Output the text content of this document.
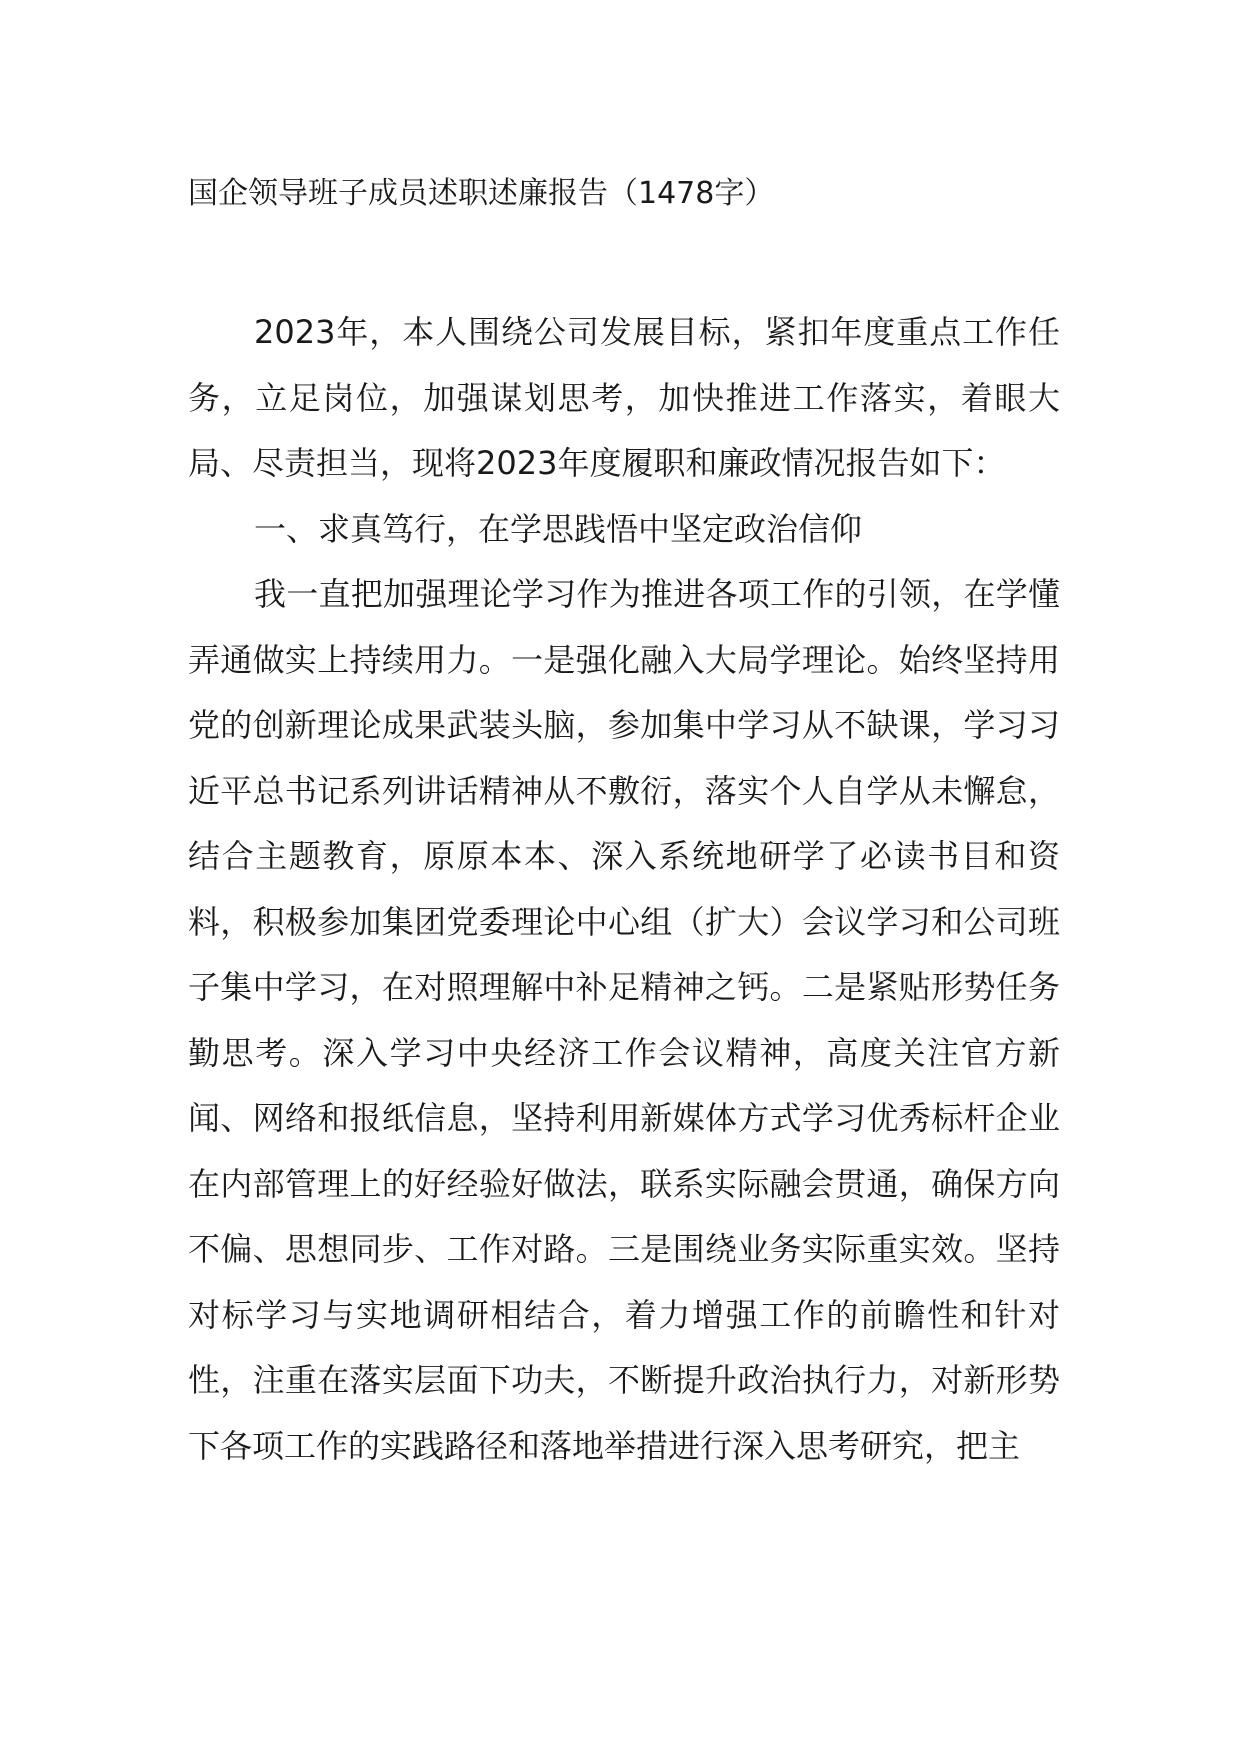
国企领导班子成员述职述廉报告（1478字）

2023年，本人围绕公司发展目标，紧扣年度重点工作任务，立足岗位，加强谋划思考，加快推进工作落实，着眼大局、尽责担当，现将2023年度履职和廉政情况报告如下：

一、求真笃行，在学思践悟中坚定政治信仰

我一直把加强理论学习作为推进各项工作的引领，在学懂弄通做实上持续用力。一是强化融入大局学理论。始终坚持用党的创新理论成果武装头脑，参加集中学习从不缺课，学习习近平总书记系列讲话精神从不敷衍，落实个人自学从未懈怠，结合主题教育，原原本本、深入系统地研学了必读书目和资料，积极参加集团党委理论中心组（扩大）会议学习和公司班子集中学习，在对照理解中补足精神之钙。二是紧贴形势任务勤思考。深入学习中央经济工作会议精神，高度关注官方新闻、网络和报纸信息，坚持利用新媒体方式学习优秀标杆企业在内部管理上的好经验好做法，联系实际融会贯通，确保方向不偏、思想同步、工作对路。三是围绕业务实际重实效。坚持对标学习与实地调研相结合，着力增强工作的前瞻性和针对性，注重在落实层面下功夫，不断提升政治执行力，对新形势下各项工作的实践路径和落地举措进行深入思考研究，把主
